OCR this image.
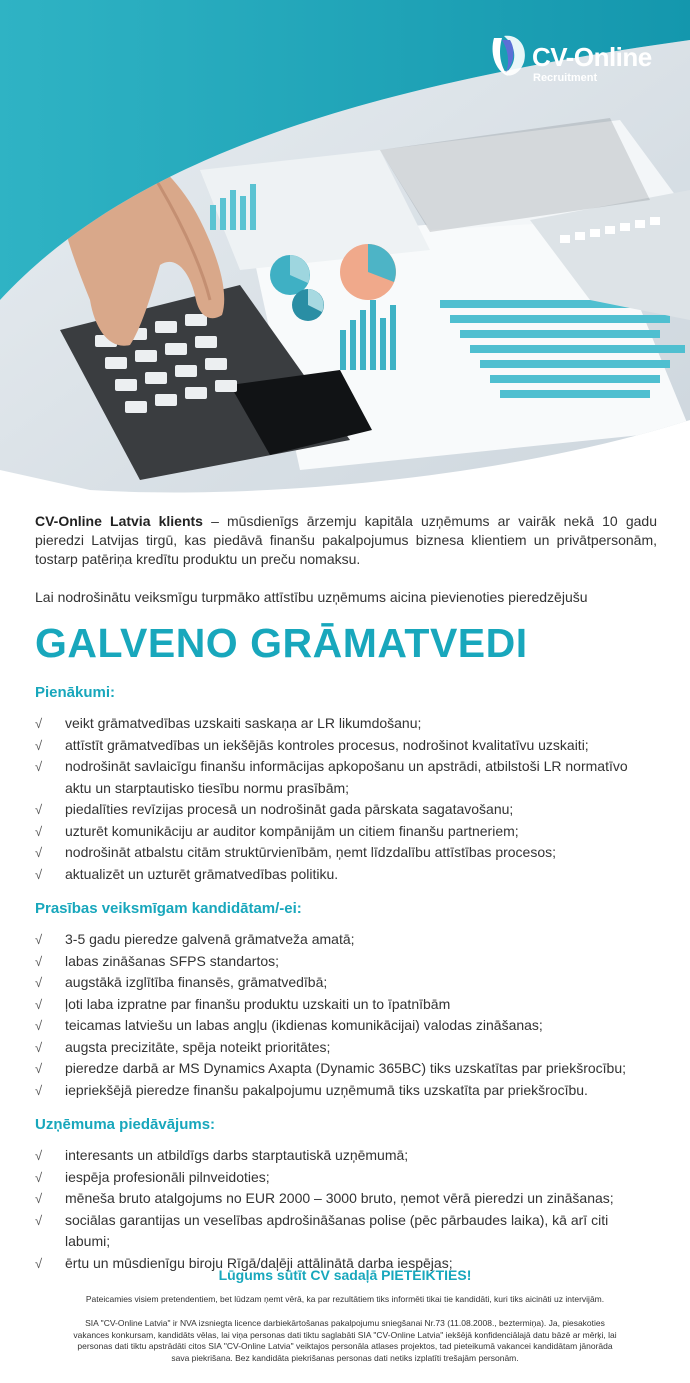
CV-Online
Recruitment

CV-Online Latvia klients – mūsdienīgs ārzemju kapitāla uzņēmums ar vairāk nekā 10 gadu pieredzi Latvijas tirgū, kas piedāvā finanšu pakalpojumus biznesa klientiem un privātpersonām, tostarp patēriņa kredītu produktu un preču nomaksu.

Lai nodrošinātu veiksmīgu turpmāko attīstību uzņēmums aicina pievienoties pieredzējušu

GALVENO GRĀMATVEDI
Pienākumi:
√	veikt grāmatvedības uzskaiti saskaņa ar LR likumdošanu;
√	attīstīt grāmatvedības un iekšējās kontroles procesus, nodrošinot kvalitatīvu uzskaiti;
√	nodrošināt savlaicīgu finanšu informācijas apkopošanu un apstrādi, atbilstoši LR normatīvo aktu un starptautisko tiesību normu prasībām;
√	piedalīties revīzijas procesā un nodrošināt gada pārskata sagatavošanu;
√	uzturēt komunikāciju ar auditor kompānijām un citiem finanšu partneriem;
√	nodrošināt atbalstu citām struktūrvienībām, ņemt līdzdalību attīstības procesos;
√	aktualizēt un uzturēt grāmatvedības politiku.
Prasības veiksmīgam kandidātam/-ei:
√	3-5 gadu pieredze galvenā grāmatveža amatā;
√	labas zināšanas SFPS standartos;
√	augstākā izglītība finansēs, grāmatvedībā;
√	ļoti laba izpratne par finanšu produktu uzskaiti un to īpatnībām
√	teicamas latviešu un labas angļu (ikdienas komunikācijai) valodas zināšanas;
√	augsta precizitāte, spēja noteikt prioritātes;
√	pieredze darbā ar MS Dynamics Axapta (Dynamic 365BC) tiks uzskatītas par priekšrocību;
√	iepriekšējā pieredze finanšu pakalpojumu uzņēmumā tiks uzskatīta par priekšrocību.
Uzņēmuma piedāvājums:
√	interesants un atbildīgs darbs starptautiskā uzņēmumā;
√	iespēja profesionāli pilnveidoties;
√	mēneša bruto atalgojums no EUR 2000 – 3000 bruto, ņemot vērā pieredzi un zināšanas;
√	sociālas garantijas un veselības apdrošināšanas polise (pēc pārbaudes laika), kā arī citi labumi;
√	ērtu un mūsdienīgu biroju Rīgā/daļēji attālinātā darba iespējas;
Lūgums sūtīt CV sadaļā PIETEIKTIES!
Pateicamies visiem pretendentiem, bet lūdzam ņemt vērā, ka par rezultātiem tiks informēti tikai tie kandidāti, kuri tiks aicināti uz intervijām.
SIA "CV-Online Latvia" ir NVA izsniegta licence darbiekārtošanas pakalpojumu sniegšanai Nr.73 (11.08.2008., beztermiņa). Ja, piesakoties vakances konkursam, kandidāts vēlas, lai viņa personas dati tiktu saglabāti SIA "CV-Online Latvia" iekšējā konfidenciālajā datu bāzē ar mērķi, lai personas dati tiktu apstrādāti citos SIA "CV-Online Latvia" veiktajos personāla atlases projektos, tad pieteikumā vakancei kandidātam jānorāda sava piekrišana. Bez kandidāta piekrišanas personas dati netiks izplatīti trešajām personām.
